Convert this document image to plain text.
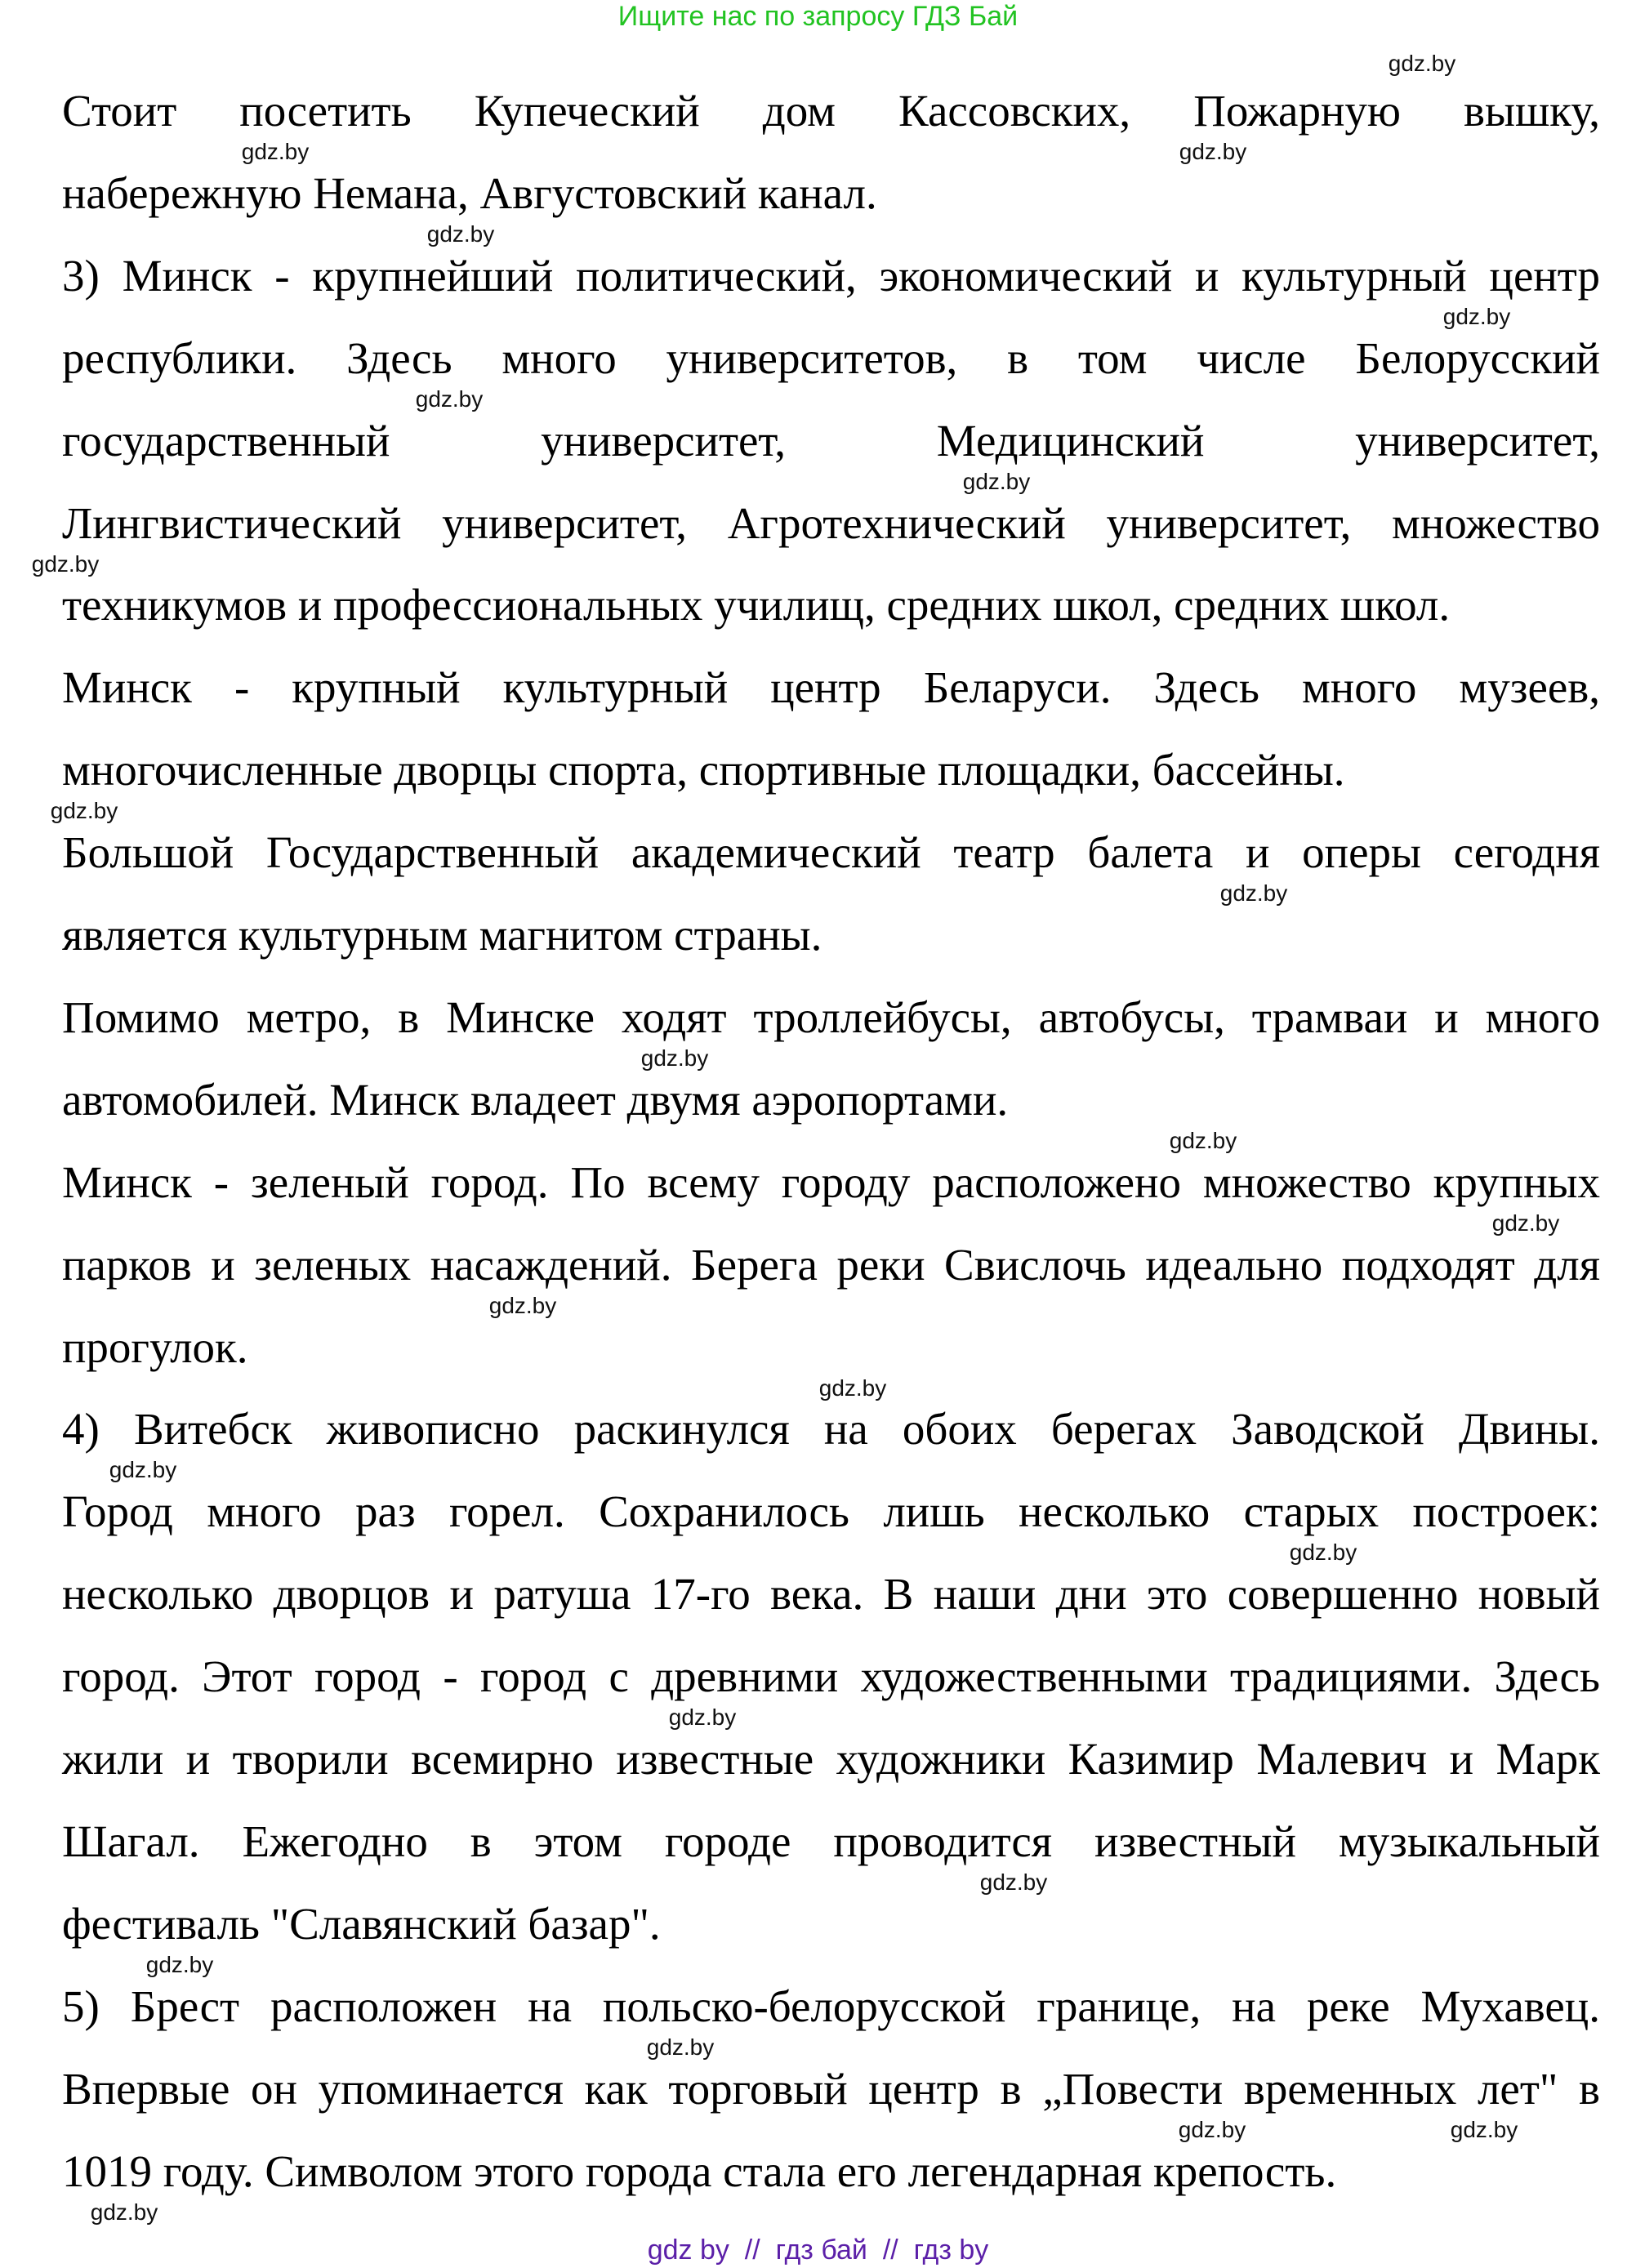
Ищите нас по запросу ГДЗ Бай
Стоит посетить Купеческий дом Кассовских, Пожарную вышку,
набережную Немана, Августовский канал.
3) Минск - крупнейший политический, экономический и культурный центр
республики. Здесь много университетов, в том числе Белорусский
государственный университет, Медицинский университет,
Лингвистический университет, Агротехнический университет, множество
техникумов и профессиональных училищ, средних школ, средних школ.
Минск - крупный культурный центр Беларуси. Здесь много музеев,
многочисленные дворцы спорта, спортивные площадки, бассейны.
Большой Государственный академический театр балета и оперы сегодня
является культурным магнитом страны.
Помимо метро, в Минске ходят троллейбусы, автобусы, трамваи и много
автомобилей. Минск владеет двумя аэропортами.
Минск - зеленый город. По всему городу расположено множество крупных
парков и зеленых насаждений. Берега реки Свислочь идеально подходят для
прогулок.
4) Витебск живописно раскинулся на обоих берегах Заводской Двины.
Город много раз горел. Сохранилось лишь несколько старых построек:
несколько дворцов и ратуша 17-го века. В наши дни это совершенно новый
город. Этот город - город с древними художественными традициями. Здесь
жили и творили всемирно известные художники Казимир Малевич и Марк
Шагал. Ежегодно в этом городе проводится известный музыкальный
фестиваль "Славянский базар".
5) Брест расположен на польско-белорусской границе, на реке Мухавец.
Впервые он упоминается как торговый центр в „Повести временных лет" в
1019 году. Символом этого города стала его легендарная крепость.
gdz.by
gdz.by	gdz.by
gdz.by
gdz.by
gdz.by
gdz.by
gdz.by
gdz.by
gdz.by
gdz.by
gdz.by
gdz.by
gdz.by
gdz.by
gdz.by
gdz.by
gdz.by
gdz.by
gdz.by
gdz.by
gdz.by	gdz.by
gdz.by
gdz by  //  гдз бай  //  гдз by
